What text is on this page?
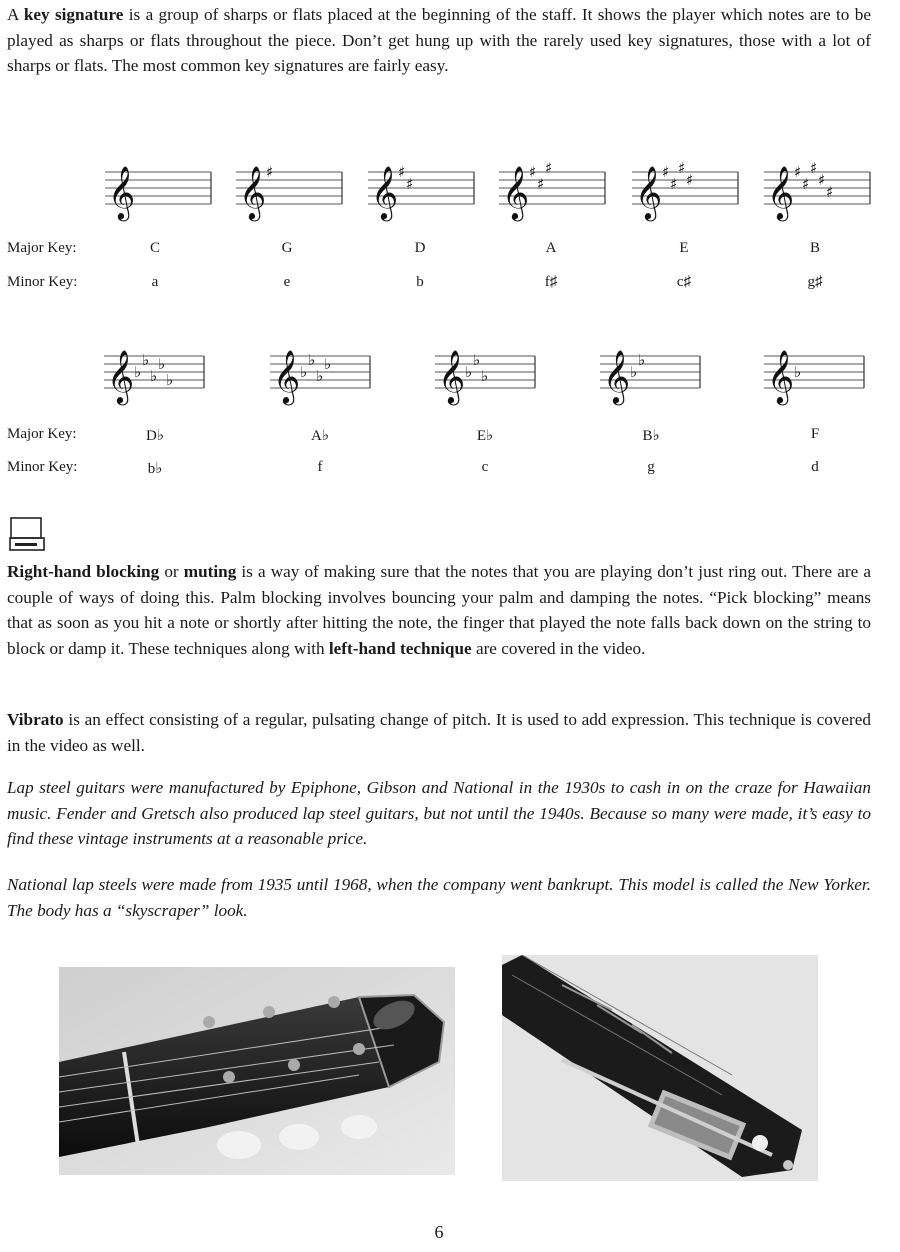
A key signature is a group of sharps or flats placed at the beginning of the staff. It shows the player which notes are to be played as sharps or flats throughout the piece. Don’t get hung up with the rarely used key signatures, those with a lot of sharps or flats. The most common key signatures are fairly easy.

𝄞 𝄞 ♯ 𝄞 ♯
♯ 𝄞 ♯
♯
♯ 𝄞 ♯
♯
♯
♯ 𝄞 ♯
♯
♯
♯
♯
Major Key:
Minor Key:
C	G	D	A	E	B
a	e	b	f♯	c♯	g♯
𝄞 ♭
♭
♭
♭
♭ 𝄞 ♭
♭
♭
♭ 𝄞 ♭
♭
♭ 𝄞 ♭
♭	𝄞 ♭
Major Key:
Minor Key:
D♭	A♭	E♭	B♭	F
b♭	f	c	g	d

Right-hand blocking or muting is a way of making sure that the notes that you are playing don’t just ring out. There are a couple of ways of doing this. Palm blocking involves bouncing your palm and damping the notes. “Pick blocking” means that as soon as you hit a note or shortly after hitting the note, the finger that played the note falls back down on the string to block or damp it. These techniques along with left-hand technique are covered in the video.

Vibrato is an effect consisting of a regular, pulsating change of pitch. It is used to add expression. This technique is covered in the video as well.

Lap steel guitars were manufactured by Epiphone, Gibson and National in the 1930s to cash in on the craze for Hawaiian music. Fender and Gretsch also produced lap steel guitars, but not until the 1940s. Because so many were made, it’s easy to find these vintage instruments at a reasonable price.

National lap steels were made from 1935 until 1968, when the company went bankrupt. This model is called the New Yorker. The body has a “skyscraper” look.

6
